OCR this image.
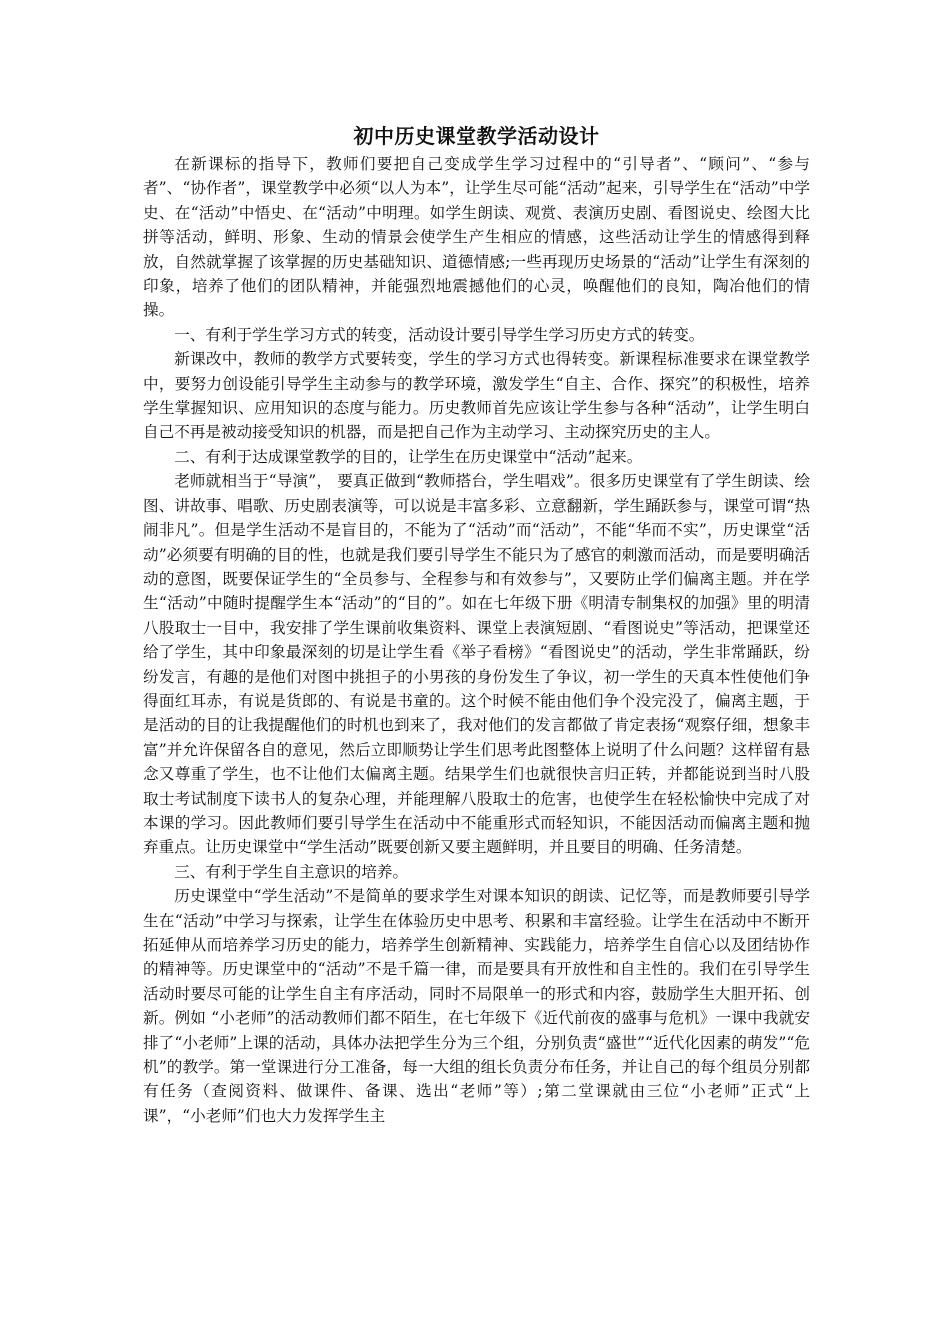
初中历史课堂教学活动设计

在新课标的指导下，教师们要把自己变成学生学习过程中的“引导者”、“顾问”、“参与者”、“协作者”，课堂教学中必须“以人为本”，让学生尽可能“活动”起来，引导学生在“活动”中学史、在“活动”中悟史、在“活动”中明理。如学生朗读、观赏、表演历史剧、看图说史、绘图大比拼等活动，鲜明、形象、生动的情景会使学生产生相应的情感，这些活动让学生的情感得到释放，自然就掌握了该掌握的历史基础知识、道德情感;一些再现历史场景的“活动”让学生有深刻的印象，培养了他们的团队精神，并能强烈地震撼他们的心灵，唤醒他们的良知，陶冶他们的情操。

一、有利于学生学习方式的转变，活动设计要引导学生学习历史方式的转变。

新课改中，教师的教学方式要转变，学生的学习方式也得转变。新课程标准要求在课堂教学中，要努力创设能引导学生主动参与的教学环境，激发学生“自主、合作、探究”的积极性，培养学生掌握知识、应用知识的态度与能力。历史教师首先应该让学生参与各种“活动”，让学生明白自己不再是被动接受知识的机器，而是把自己作为主动学习、主动探究历史的主人。

二、有利于达成课堂教学的目的，让学生在历史课堂中“活动”起来。

老师就相当于“导演”， 要真正做到“教师搭台，学生唱戏”。很多历史课堂有了学生朗读、绘图、讲故事、唱歌、历史剧表演等，可以说是丰富多彩、立意翻新，学生踊跃参与，课堂可谓“热闹非凡”。但是学生活动不是盲目的，不能为了“活动”而“活动”，不能“华而不实”，历史课堂“活动”必须要有明确的目的性，也就是我们要引导学生不能只为了感官的刺激而活动，而是要明确活动的意图，既要保证学生的“全员参与、全程参与和有效参与”，又要防止学们偏离主题。并在学生“活动”中随时提醒学生本“活动”的“目的”。如在七年级下册《明清专制集权的加强》里的明清八股取士一目中，我安排了学生课前收集资料、课堂上表演短剧、“看图说史”等活动，把课堂还给了学生，其中印象最深刻的切是让学生看《举子看榜》“看图说史”的活动，学生非常踊跃，纷纷发言，有趣的是他们对图中挑担子的小男孩的身份发生了争议，初一学生的天真本性使他们争得面红耳赤，有说是货郎的、有说是书童的。这个时候不能由他们争个没完没了，偏离主题，于是活动的目的让我提醒他们的时机也到来了，我对他们的发言都做了肯定表扬“观察仔细，想象丰富”并允许保留各自的意见，然后立即顺势让学生们思考此图整体上说明了什么问题？这样留有悬念又尊重了学生，也不让他们太偏离主题。结果学生们也就很快言归正转，并都能说到当时八股取士考试制度下读书人的复杂心理，并能理解八股取士的危害，也使学生在轻松愉快中完成了对本课的学习。因此教师们要引导学生在活动中不能重形式而轻知识，不能因活动而偏离主题和抛弃重点。让历史课堂中“学生活动”既要创新又要主题鲜明，并且要目的明确、任务清楚。

三、有利于学生自主意识的培养。

历史课堂中“学生活动”不是简单的要求学生对课本知识的朗读、记忆等，而是教师要引导学生在“活动”中学习与探索，让学生在体验历史中思考、积累和丰富经验。让学生在活动中不断开拓延伸从而培养学习历史的能力，培养学生创新精神、实践能力，培养学生自信心以及团结协作的精神等。历史课堂中的“活动”不是千篇一律，而是要具有开放性和自主性的。我们在引导学生活动时要尽可能的让学生自主有序活动，同时不局限单一的形式和内容，鼓励学生大胆开拓、创新。例如 “小老师”的活动教师们都不陌生，在七年级下《近代前夜的盛事与危机》一课中我就安排了“小老师”上课的活动，具体办法把学生分为三个组，分别负责“盛世”“近代化因素的萌发”“危机”的教学。第一堂课进行分工准备，每一大组的组长负责分布任务，并让自己的每个组员分别都有任务（查阅资料、做课件、备课、选出“老师”等）;第二堂课就由三位“小老师”正式“上课”，“小老师”们也大力发挥学生主
